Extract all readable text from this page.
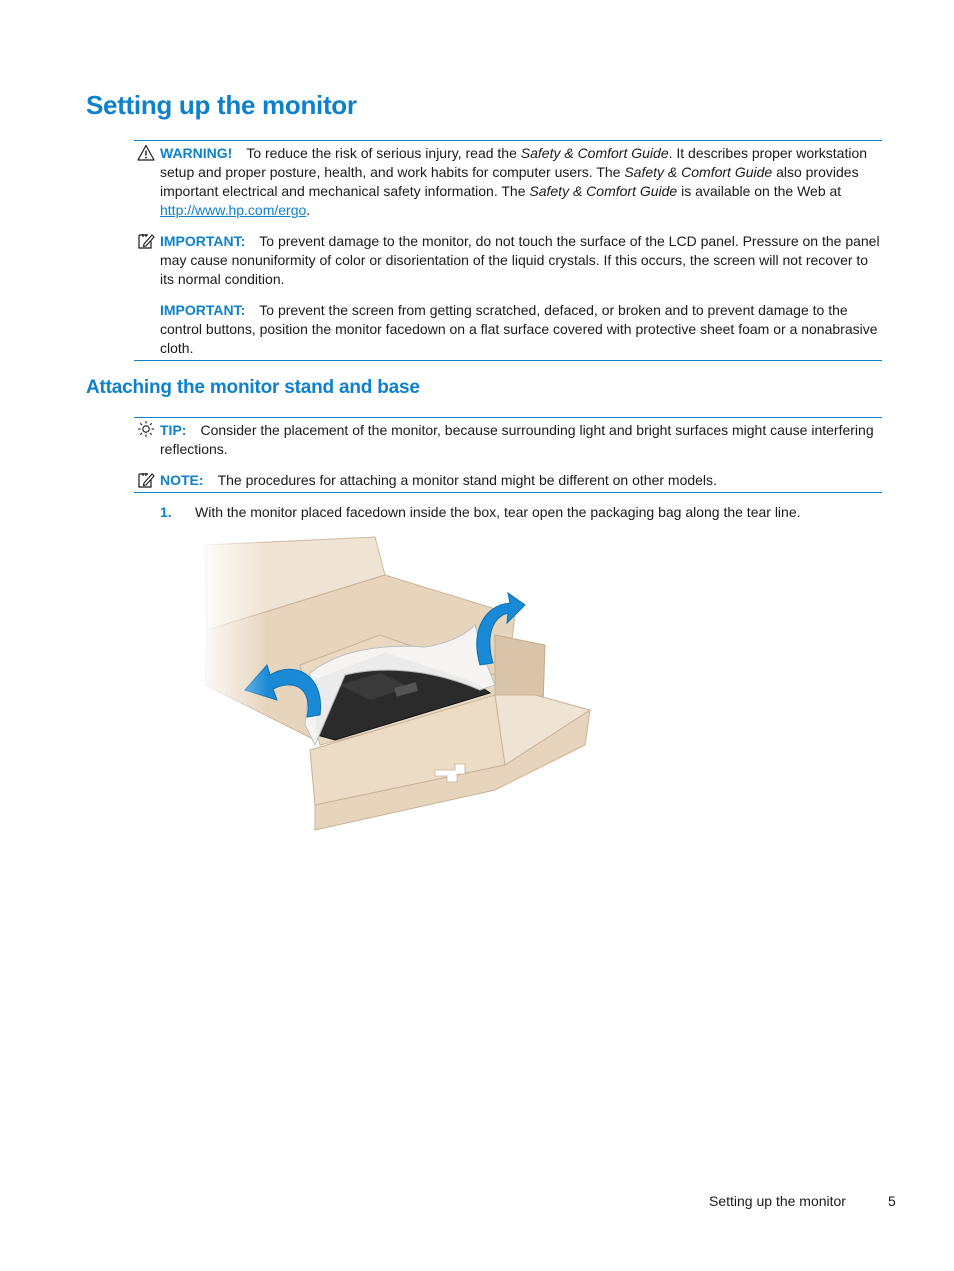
Setting up the monitor
WARNING! To reduce the risk of serious injury, read the Safety & Comfort Guide. It describes proper workstation setup and proper posture, health, and work habits for computer users. The Safety & Comfort Guide also provides important electrical and mechanical safety information. The Safety & Comfort Guide is available on the Web at http://www.hp.com/ergo.
IMPORTANT: To prevent damage to the monitor, do not touch the surface of the LCD panel. Pressure on the panel may cause nonuniformity of color or disorientation of the liquid crystals. If this occurs, the screen will not recover to its normal condition.
IMPORTANT: To prevent the screen from getting scratched, defaced, or broken and to prevent damage to the control buttons, position the monitor facedown on a flat surface covered with protective sheet foam or a nonabrasive cloth.
Attaching the monitor stand and base
TIP: Consider the placement of the monitor, because surrounding light and bright surfaces might cause interfering reflections.
NOTE: The procedures for attaching a monitor stand might be different on other models.
1. With the monitor placed facedown inside the box, tear open the packaging bag along the tear line.
Setting up the monitor	5
